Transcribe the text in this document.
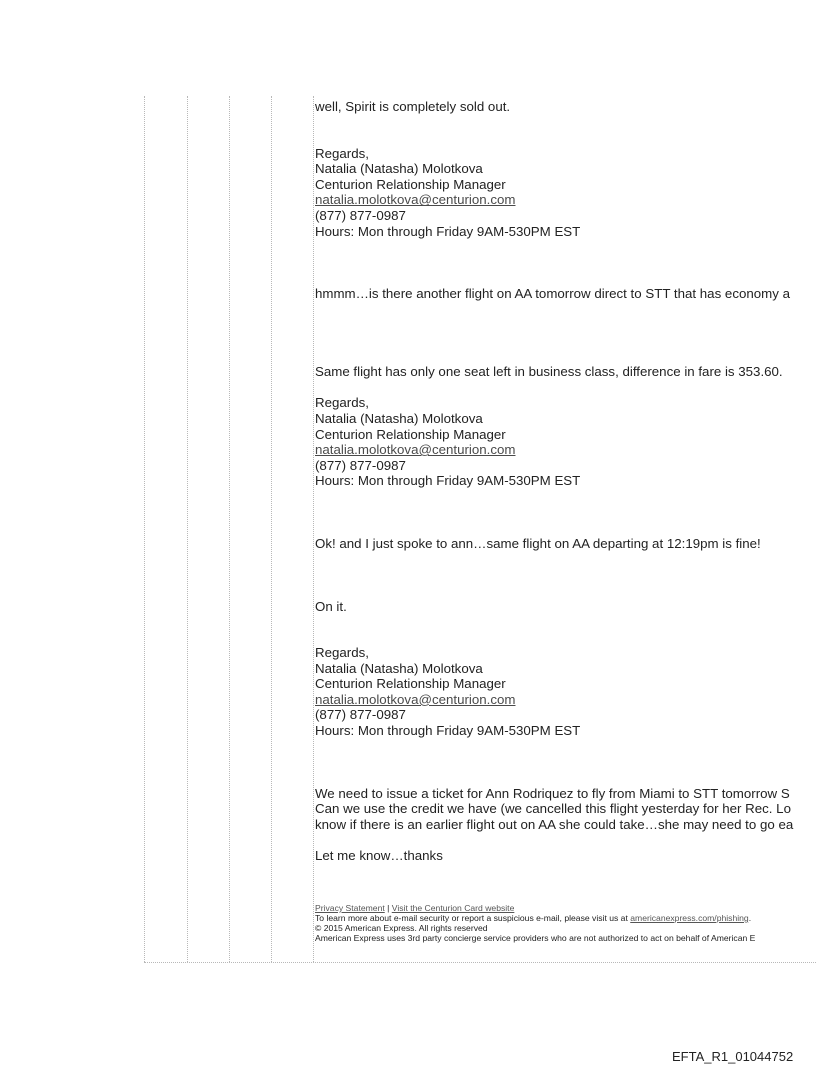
well, Spirit is completely sold out.
Regards,
Natalia (Natasha) Molotkova
Centurion Relationship Manager
natalia.molotkova@centurion.com
(877) 877-0987
Hours: Mon through Friday 9AM-530PM EST
hmmm…is there another flight on AA tomorrow direct to STT that has economy a
Same flight has only one seat left in business class, difference in fare is 353.60.
Regards,
Natalia (Natasha) Molotkova
Centurion Relationship Manager
natalia.molotkova@centurion.com
(877) 877-0987
Hours: Mon through Friday 9AM-530PM EST
Ok! and I just spoke to ann…same flight on AA departing at 12:19pm is fine!
On it.
Regards,
Natalia (Natasha) Molotkova
Centurion Relationship Manager
natalia.molotkova@centurion.com
(877) 877-0987
Hours: Mon through Friday 9AM-530PM EST
We need to issue a ticket for Ann Rodriquez to fly from Miami to STT tomorrow S
Can we use the credit we have (we cancelled this flight yesterday for her Rec. Lo
know if there is an earlier flight out on AA she could take…she may need to go ea
Let me know…thanks
Privacy Statement | Visit the Centurion Card website
To learn more about e-mail security or report a suspicious e-mail, please visit us at americanexpress.com/phishing.
© 2015 American Express. All rights reserved
American Express uses 3rd party concierge service providers who are not authorized to act on behalf of American E
EFTA_R1_01044752
